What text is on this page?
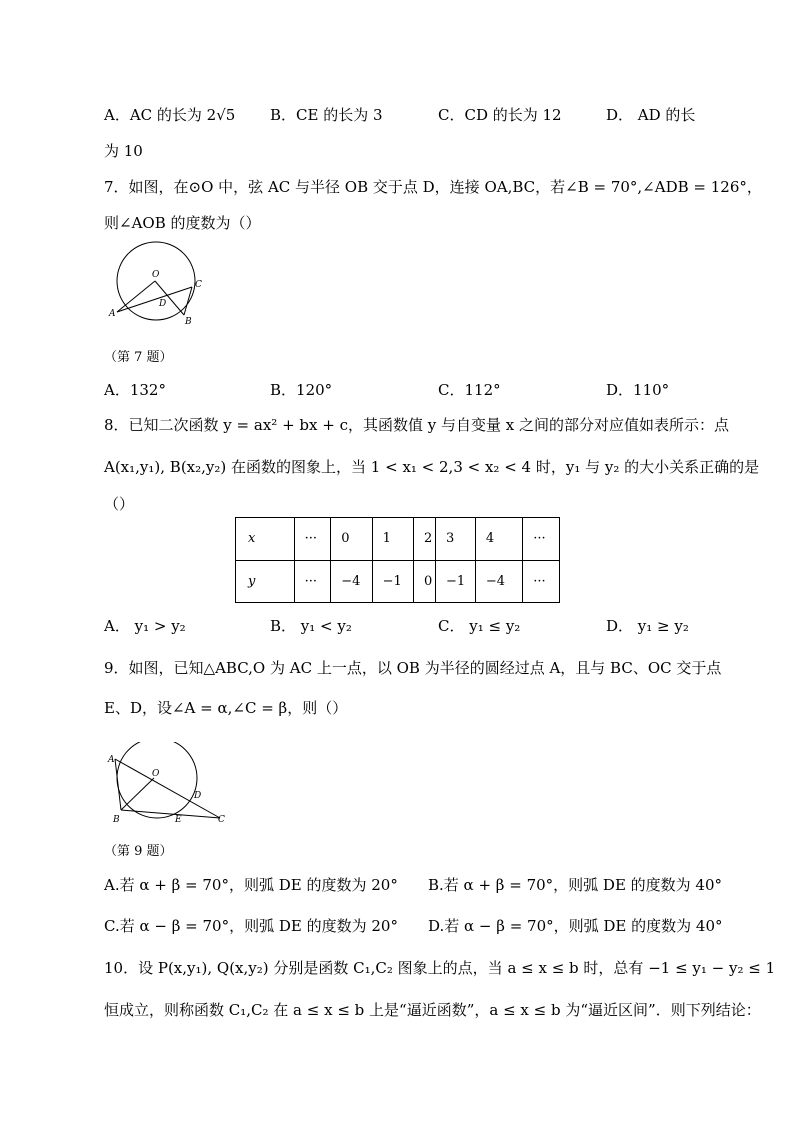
A．AC 的长为 2√5 B．CE 的长为 3	C．CD 的长为 12	D． AD 的长
为 10
7．如图，在⊙O 中，弦 AC 与半径 OB 交于点 D，连接 OA,BC，若∠B = 70°,∠ADB = 126°，
则∠AOB 的度数为（）
O
A
B
C
D
（第 7 题）
A．132°	B．120°	C．112°	D．110°
8．已知二次函数 y = ax² + bx + c，其函数值 y 与自变量 x 之间的部分对应值如表所示：点
A(x₁,y₁), B(x₂,y₂) 在函数的图象上，当 1 < x₁ < 2,3 < x₂ < 4 时，y₁ 与 y₂ 的大小关系正确的是
（）
x	···	0	1	2	3	4	···
y	···	−4	−1	0	−1	−4	···
A． y₁ > y₂	B． y₁ < y₂	C． y₁ ≤ y₂	D． y₁ ≥ y₂
9．如图，已知△ABC,O 为 AC 上一点，以 OB 为半径的圆经过点 A，且与 BC、OC 交于点
E、D，设∠A = α,∠C = β，则（）
A
O
B
D
E	C
（第 9 题）
A.若 α + β = 70°，则弧 DE 的度数为 20° B.若 α + β = 70°，则弧 DE 的度数为 40°
C.若 α − β = 70°，则弧 DE 的度数为 20° D.若 α − β = 70°，则弧 DE 的度数为 40°
10．设 P(x,y₁), Q(x,y₂) 分别是函数 C₁,C₂ 图象上的点，当 a ≤ x ≤ b 时，总有 −1 ≤ y₁ − y₂ ≤ 1
恒成立，则称函数 C₁,C₂ 在 a ≤ x ≤ b 上是“逼近函数”，a ≤ x ≤ b 为“逼近区间”．则下列结论：
